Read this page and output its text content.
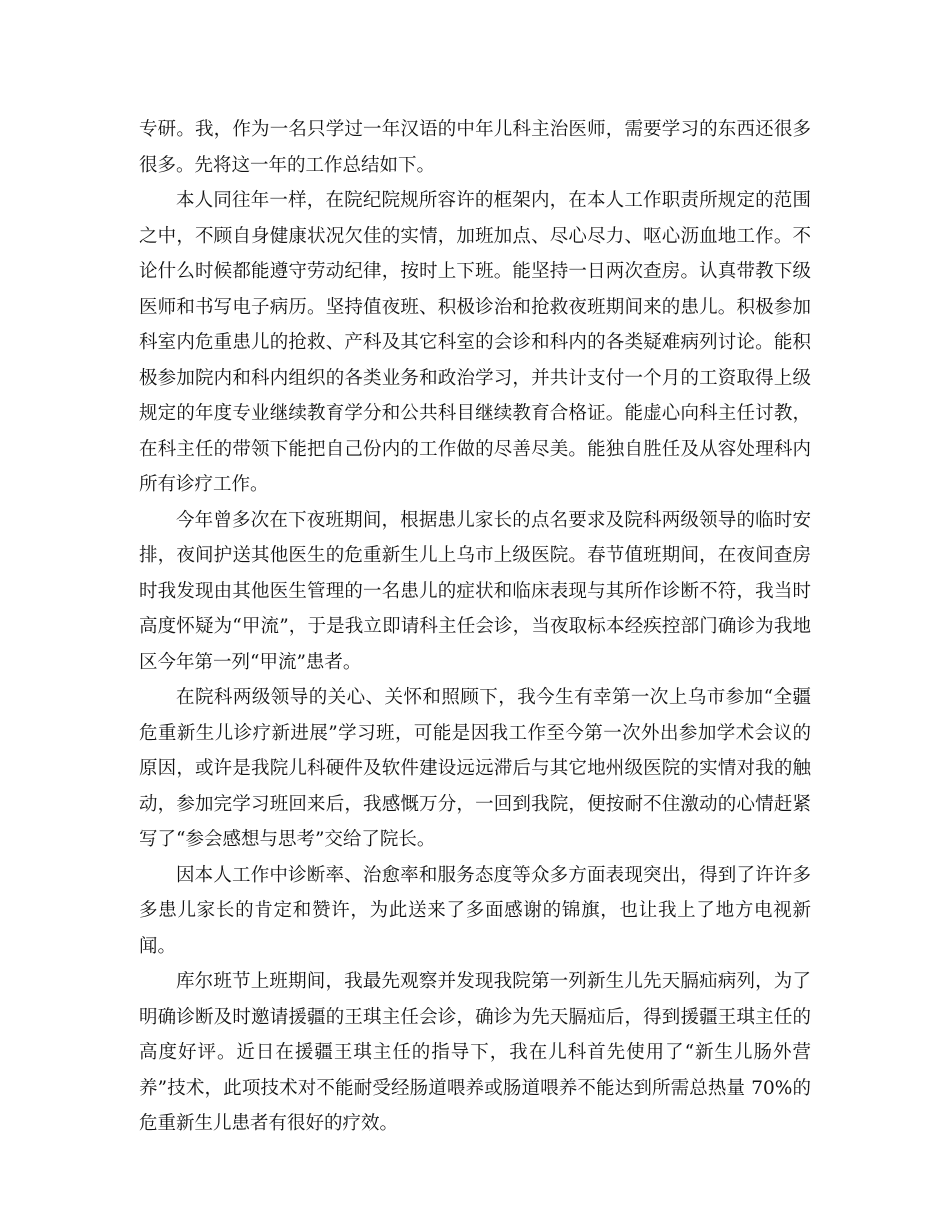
专研。我，作为一名只学过一年汉语的中年儿科主治医师，需要学习的东西还很多很多。先将这一年的工作总结如下。

本人同往年一样，在院纪院规所容许的框架内，在本人工作职责所规定的范围之中，不顾自身健康状况欠佳的实情，加班加点、尽心尽力、呕心沥血地工作。不论什么时候都能遵守劳动纪律，按时上下班。能坚持一日两次查房。认真带教下级医师和书写电子病历。坚持值夜班、积极诊治和抢救夜班期间来的患儿。积极参加科室内危重患儿的抢救、产科及其它科室的会诊和科内的各类疑难病列讨论。能积极参加院内和科内组织的各类业务和政治学习，并共计支付一个月的工资取得上级规定的年度专业继续教育学分和公共科目继续教育合格证。能虚心向科主任讨教，在科主任的带领下能把自己份内的工作做的尽善尽美。能独自胜任及从容处理科内所有诊疗工作。

今年曾多次在下夜班期间，根据患儿家长的点名要求及院科两级领导的临时安排，夜间护送其他医生的危重新生儿上乌市上级医院。春节值班期间，在夜间查房时我发现由其他医生管理的一名患儿的症状和临床表现与其所作诊断不符，我当时高度怀疑为“甲流”，于是我立即请科主任会诊，当夜取标本经疾控部门确诊为我地区今年第一列“甲流”患者。

在院科两级领导的关心、关怀和照顾下，我今生有幸第一次上乌市参加“全疆危重新生儿诊疗新进展”学习班，可能是因我工作至今第一次外出参加学术会议的原因，或许是我院儿科硬件及软件建设远远滞后与其它地州级医院的实情对我的触动，参加完学习班回来后，我感慨万分，一回到我院，便按耐不住激动的心情赶紧写了“参会感想与思考”交给了院长。

因本人工作中诊断率、治愈率和服务态度等众多方面表现突出，得到了许许多多患儿家长的肯定和赞许，为此送来了多面感谢的锦旗，也让我上了地方电视新闻。

库尔班节上班期间，我最先观察并发现我院第一列新生儿先天膈疝病列，为了明确诊断及时邀请援疆的王琪主任会诊，确诊为先天膈疝后，得到援疆王琪主任的高度好评。近日在援疆王琪主任的指导下，我在儿科首先使用了“新生儿肠外营养”技术，此项技术对不能耐受经肠道喂养或肠道喂养不能达到所需总热量 70%的危重新生儿患者有很好的疗效。
